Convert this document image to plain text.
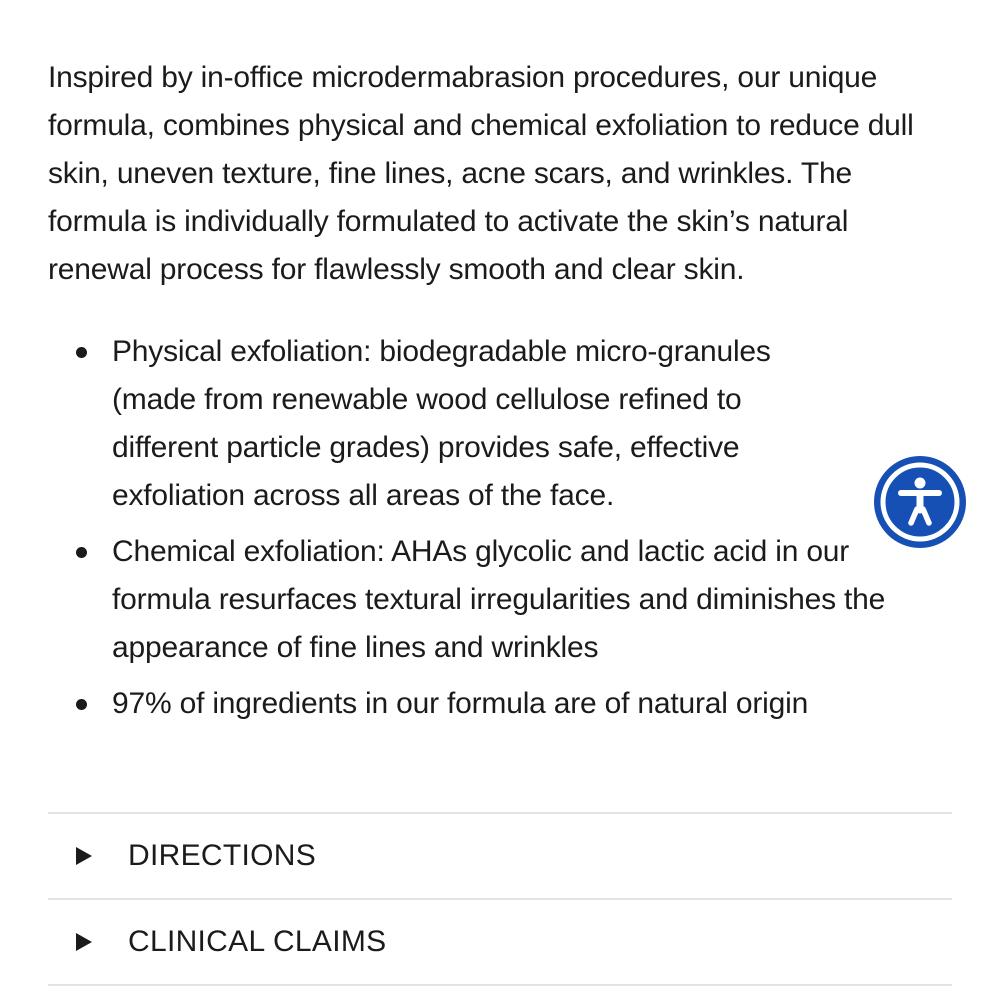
Inspired by in-office microdermabrasion procedures, our unique formula, combines physical and chemical exfoliation to reduce dull skin, uneven texture, fine lines, acne scars, and wrinkles. The formula is individually formulated to activate the skin’s natural renewal process for flawlessly smooth and clear skin.

Physical exfoliation: biodegradable micro-granules (made from renewable wood cellulose refined to different particle grades) provides safe, effective exfoliation across all areas of the face.
Chemical exfoliation: AHAs glycolic and lactic acid in our formula resurfaces textural irregularities and diminishes the appearance of fine lines and wrinkles
97% of ingredients in our formula are of natural origin
DIRECTIONS
CLINICAL CLAIMS
